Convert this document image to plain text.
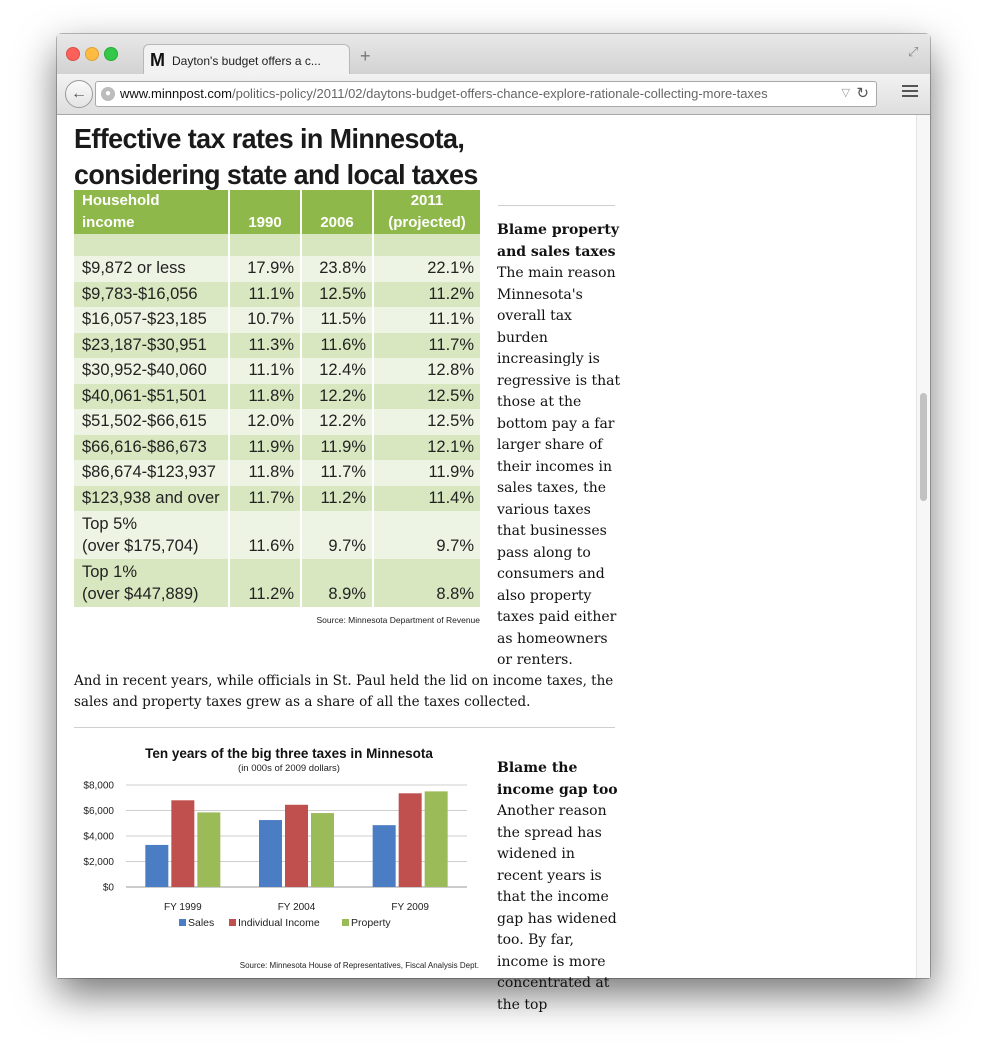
M Dayton's budget offers a c... +	⤢
←	● www.minnpost.com/politics-policy/2011/02/daytons-budget-offers-chance-explore-rationale-collecting-more-taxes	▽ ↻
Effective tax rates in Minnesota, considering state and local taxes
Household
income	1990	2006	2011
(projected)

$9,872 or less	17.9%	23.8%	22.1%
$9,783-$16,056	11.1%	12.5%	11.2%
$16,057-$23,185	10.7%	11.5%	11.1%
$23,187-$30,951	11.3%	11.6%	11.7%
$30,952-$40,060	11.1%	12.4%	12.8%
$40,061-$51,501	11.8%	12.2%	12.5%
$51,502-$66,615	12.0%	12.2%	12.5%
$66,616-$86,673	11.9%	11.9%	12.1%
$86,674-$123,937	11.8%	11.7%	11.9%
$123,938 and over	11.7%	11.2%	11.4%
Top 5%
(over $175,704)	11.6%	9.7%	9.7%
Top 1%
(over $447,889)	11.2%	8.9%	8.8%
Source: Minnesota Department of Revenue
Blame property and sales taxes
The main reason Minnesota's overall tax burden increasingly is regressive is that those at the bottom pay a far larger share of their incomes in sales taxes, the various taxes that businesses pass along to consumers and also property taxes paid either as homeowners or renters.
And in recent years, while officials in St. Paul held the lid on income taxes, the sales and property taxes grew as a share of all the taxes collected.
Ten years of the big three taxes in Minnesota
(in 000s of 2009 dollars)
$8,000
$6,000
$4,000
$2,000
$0
FY 1999	FY 2004	FY 2009
Sales Individual Income	Property
Source: Minnesota House of Representatives, Fiscal Analysis Dept.
Blame the income gap too
Another reason the spread has widened in recent years is that the income gap has widened too. By far, income is more concentrated at the top
